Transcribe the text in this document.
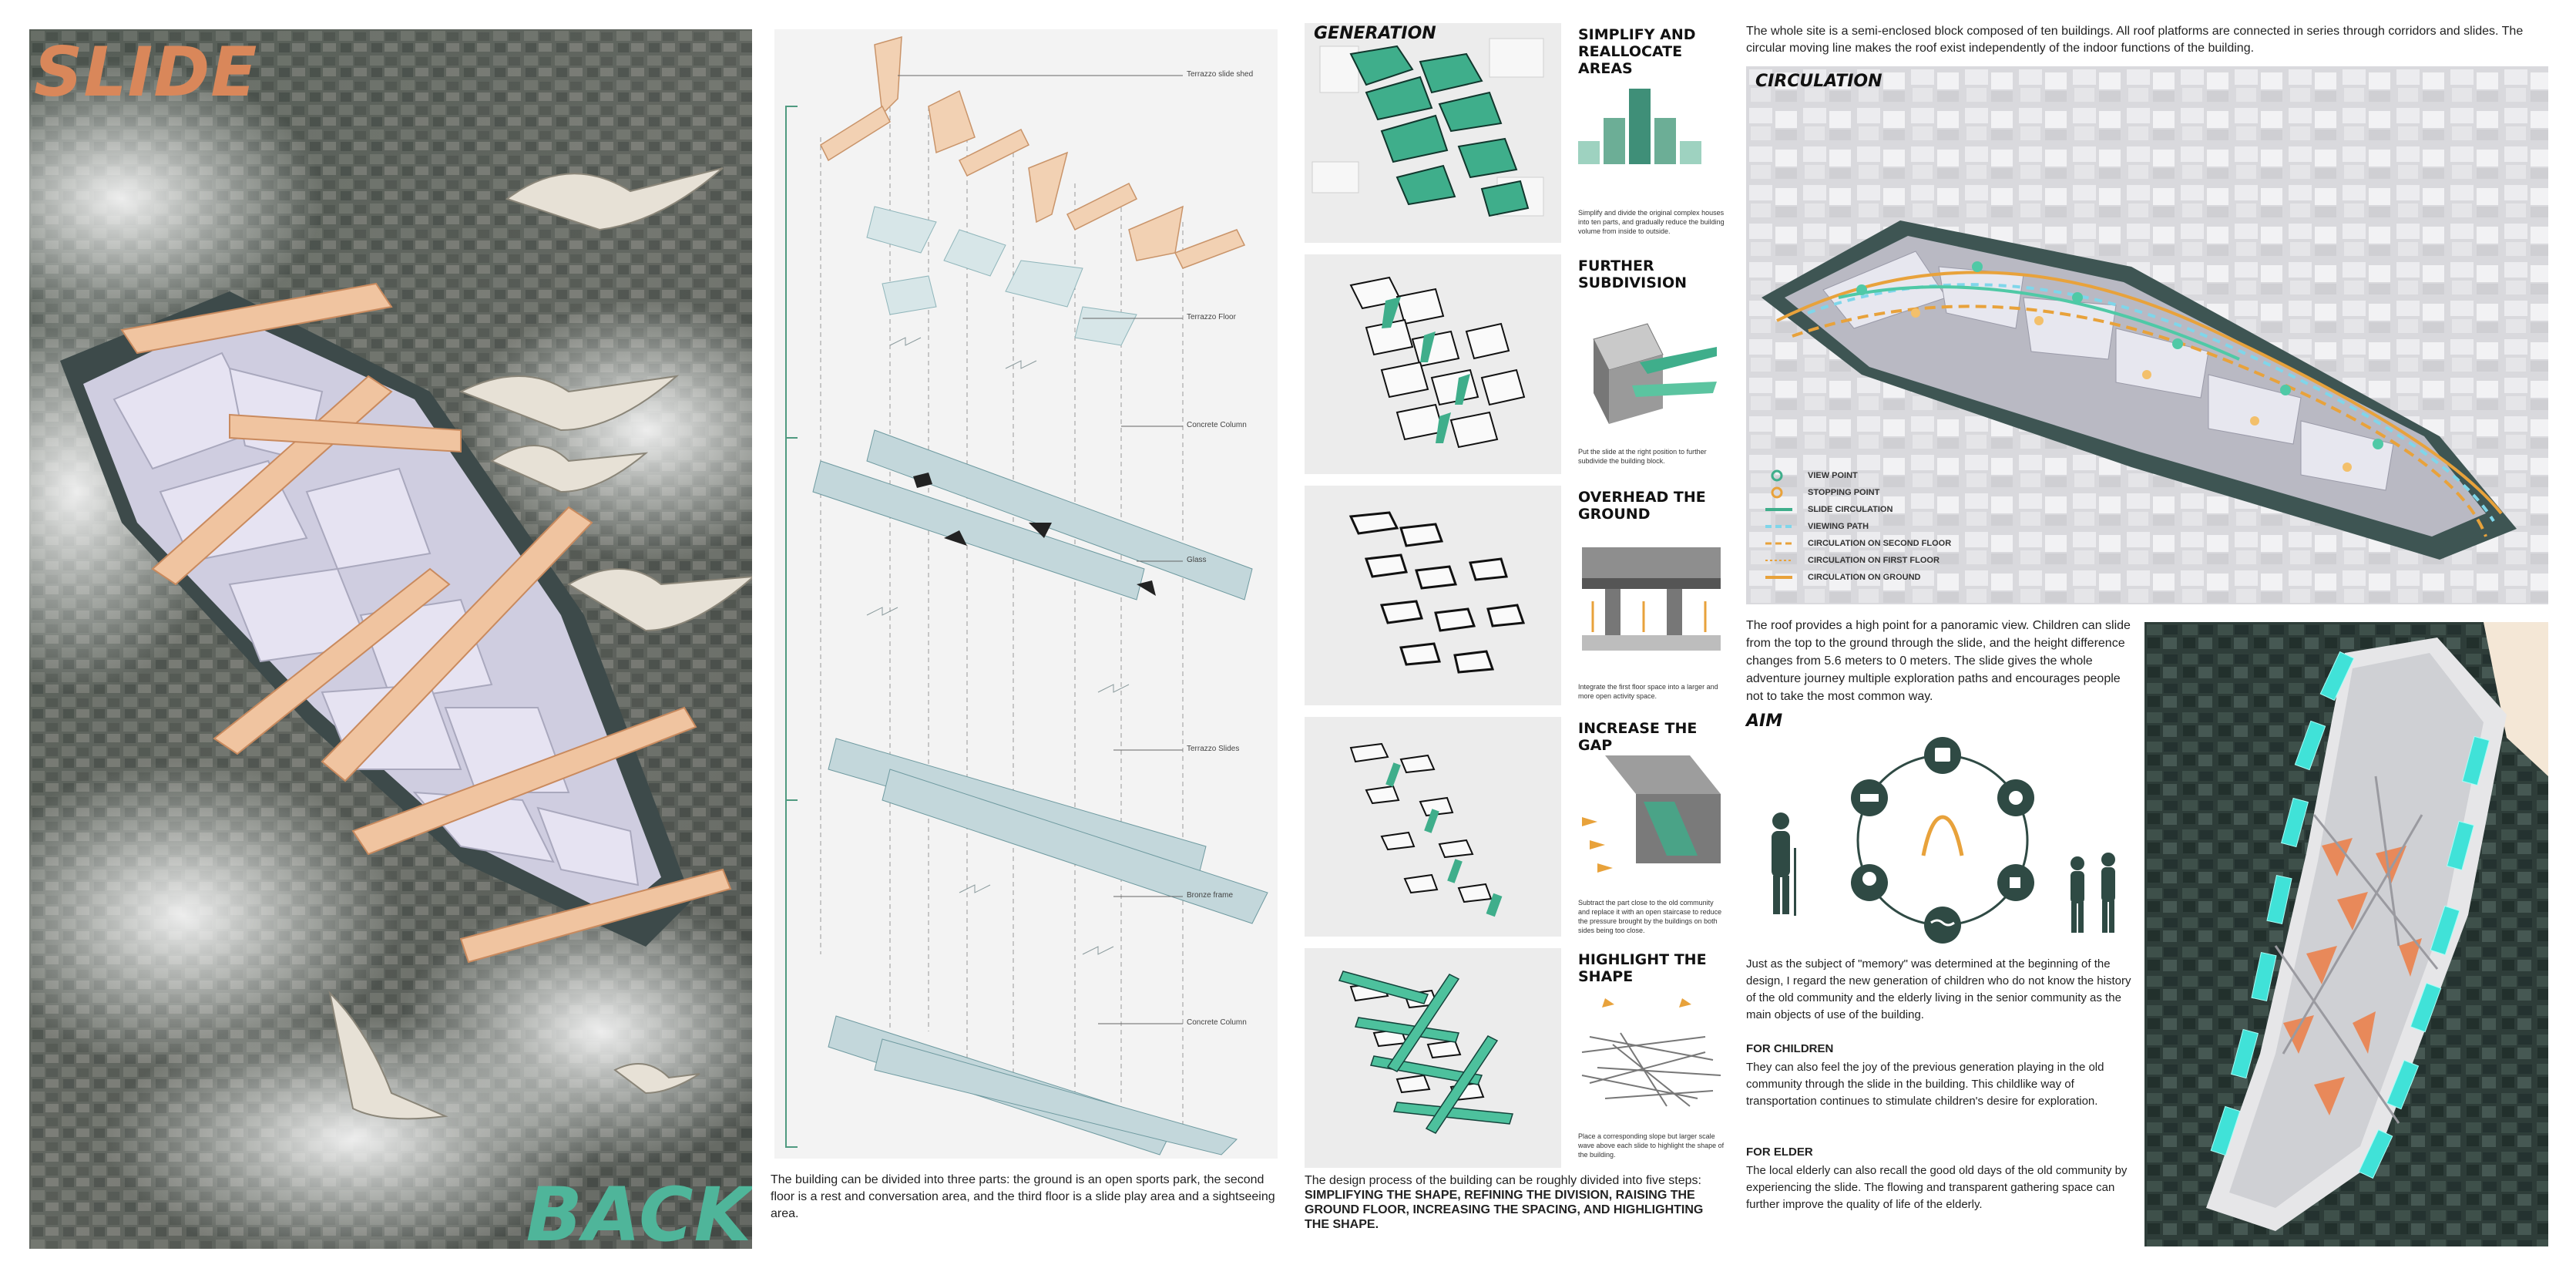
SLIDE
BACK
Terrazzo slide shed
Terrazzo Floor
Concrete Column
Glass
Terrazzo Slides
Bronze frame
Concrete Column
The building can be divided into three parts: the ground is an open sports park, the second floor is a rest and conversation area, and the third floor is a slide play area and a sightseeing area.
SIMPLIFY AND REALLOCATE AREAS
Simplify and divide the original complex houses into ten parts, and gradually reduce the building volume from inside to outside.
FURTHER SUBDIVISION
Put the slide at the right position to further subdivide the building block.
OVERHEAD THE GROUND
Integrate the first floor space into a larger and more open activity space.
INCREASE THE GAP
Subtract the part close to the old community and replace it with an open staircase to reduce the pressure brought by the buildings on both sides being too close.
HIGHLIGHT THE SHAPE
Place a corresponding slope but larger scale wave above each slide to highlight the shape of the building.
GENERATION
The design process of the building can be roughly divided into five steps: SIMPLIFYING THE SHAPE, REFINING THE DIVISION, RAISING THE GROUND FLOOR, INCREASING THE SPACING, AND HIGHLIGHTING THE SHAPE.
The whole site is a semi-enclosed block composed of ten buildings. All roof platforms are connected in series through corridors and slides. The circular moving line makes the roof exist independently of the indoor functions of the building.
CIRCULATION
VIEW POINT
STOPPING POINT
SLIDE CIRCULATION
VIEWING PATH
CIRCULATION ON SECOND FLOOR
CIRCULATION ON FIRST FLOOR
CIRCULATION ON GROUND
The roof provides a high point for a panoramic view. Children can slide from the top to the ground through the slide, and the height difference changes from 5.6 meters to 0 meters. The slide gives the whole adventure journey multiple exploration paths and encourages people not to take the most common way.
AIM
Just as the subject of "memory" was determined at the beginning of the design, I regard the new generation of children who do not know the history of the old community and the elderly living in the senior community as the main objects of use of the building.
FOR CHILDREN
They can also feel the joy of the previous generation playing in the old community through the slide in the building. This childlike way of transportation continues to stimulate children's desire for exploration.
FOR ELDER
The local elderly can also recall the good old days of the old community by experiencing the slide. The flowing and transparent gathering space can further improve the quality of life of the elderly.
